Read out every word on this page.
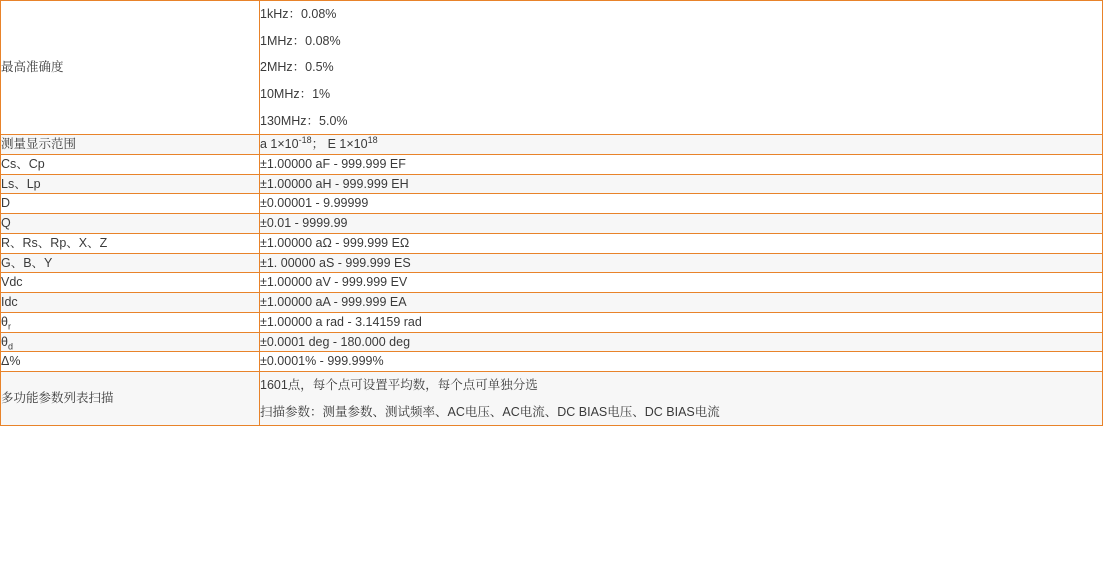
最高准确度	1kHz：0.08%
1MHz：0.08%
2MHz：0.5%
10MHz：1%
130MHz：5.0%

测量显示范围	a $1\times 10^{-18}$； E $1\times 10^{18}$
Cs、Cp	±1.00000 aF - 999.999 EF
Ls、Lp	±1.00000 aH - 999.999 EH
D	±0.00001 - 9.99999
Q	±0.01 - 9999.99
R、Rs、Rp、X、Z	±1.00000 aΩ - 999.999 EΩ
G、B、Y	±1. 00000 aS - 999.999 ES
Vdc	±1.00000 aV - 999.999 EV
Idc	±1.00000 aA - 999.999 EA
$\theta_r$	±1.00000 a rad - 3.14159 rad
$\theta_d$	±0.0001 deg - 180.000 deg
Δ%	±0.0001% - 999.999%
多功能参数列表扫描	1601点，每个点可设置平均数，每个点可单独分选
扫描参数：测量参数、测试频率、AC电压、AC电流、DC BIAS电压、DC BIAS电流
